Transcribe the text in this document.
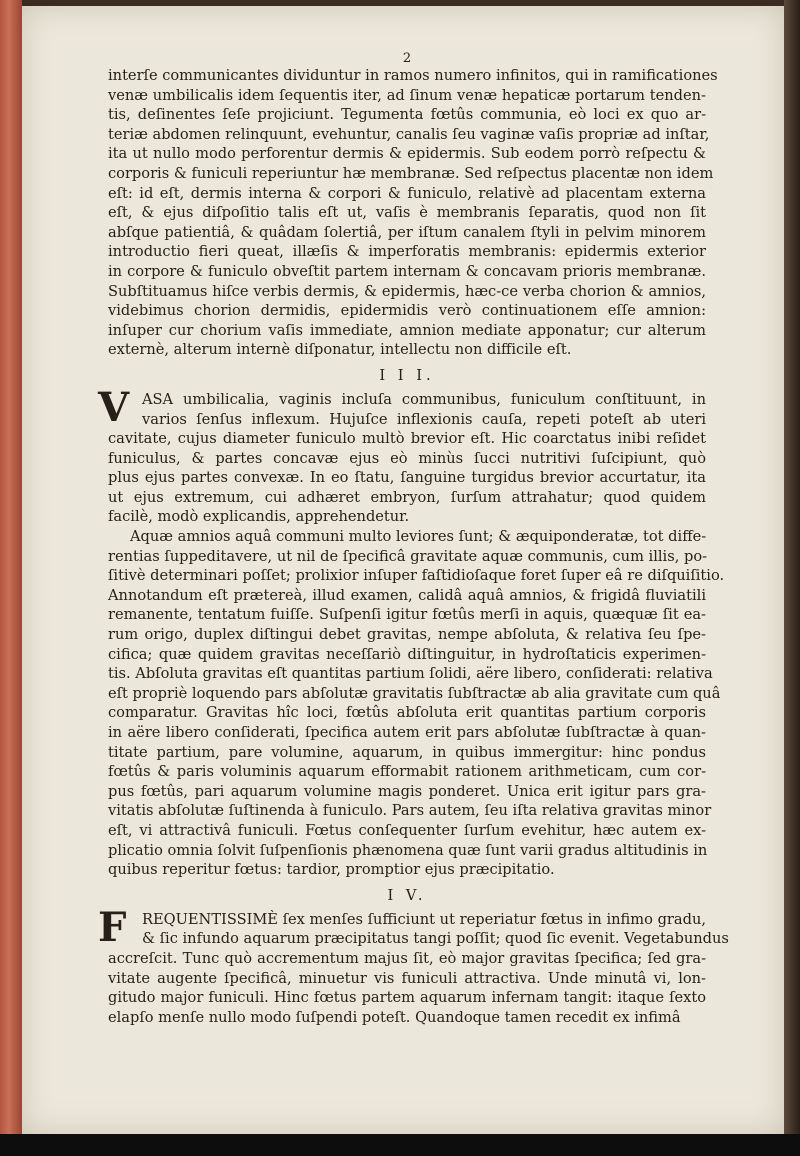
2
interſe communicantes dividuntur in ramos numero infinitos, qui in ramificationes
venæ umbilicalis idem ſequentis iter, ad ſinum venæ hepaticæ portarum tenden-
tis, deſinentes ſeſe projiciunt. Tegumenta fœtûs communia, eò loci ex quo ar-
teriæ abdomen relinquunt, evehuntur, canalis ſeu vaginæ vaſis propriæ ad inſtar,
ita ut nullo modo perforentur dermis & epidermis. Sub eodem porrò reſpectu &
corporis & funiculi reperiuntur hæ membranæ. Sed reſpectus placentæ non idem
eſt: id eſt, dermis interna & corpori & funiculo, relativè ad placentam externa
eſt, & ejus diſpoſitio talis eſt ut, vaſis è membranis ſeparatis, quod non ſit
abſque patientiâ, & quâdam ſolertiâ, per iſtum canalem ſtyli in pelvim minorem
introductio fieri queat, illæſis & imperforatis membranis: epidermis exterior
in corpore & funiculo obveſtit partem internam & concavam prioris membranæ.
Subſtituamus hiſce verbis dermis, & epidermis, hæc-ce verba chorion & amnios,
videbimus chorion dermidis, epidermidis verò continuationem eſſe amnion:
inſuper cur chorium vaſis immediate, amnion mediate apponatur; cur alterum
externè, alterum internè diſponatur, intellectu non difficile eſt.
I I I.
V ASA umbilicalia, vaginis incluſa communibus, funiculum conſtituunt, in
varios ſenſus inflexum. Hujuſce inflexionis cauſa, repeti poteſt ab uteri
cavitate, cujus diameter funiculo multò brevior eſt. Hic coarctatus inibi reſidet
funiculus, & partes concavæ ejus eò minùs ſucci nutritivi ſuſcipiunt, quò
plus ejus partes convexæ. In eo ſtatu, ſanguine turgidus brevior accurtatur, ita
ut ejus extremum, cui adhæret embryon, ſurſum attrahatur; quod quidem
facilè, modò explicandis, apprehendetur.
Aquæ amnios aquâ communi multo leviores ſunt; & æquiponderatæ, tot diffe-
rentias ſuppeditavere, ut nil de ſpecificâ gravitate aquæ communis, cum illis, po-
ſitivè determinari poſſet; prolixior inſuper faſtidioſaque foret ſuper eâ re diſquiſitio.
Annotandum eſt prætereà, illud examen, calidâ aquâ amnios, & frigidâ fluviatili
remanente, tentatum fuiſſe. Suſpenſi igitur fœtûs merſi in aquis, quæquæ ſit ea-
rum origo, duplex diſtingui debet gravitas, nempe abſoluta, & relativa ſeu ſpe-
cifica; quæ quidem gravitas neceſſariò diſtinguitur, in hydroſtaticis experimen-
tis. Abſoluta gravitas eſt quantitas partium ſolidi, aëre libero, conſiderati: relativa
eſt propriè loquendo pars abſolutæ gravitatis ſubſtractæ ab alia gravitate cum quâ
comparatur. Gravitas hîc loci, fœtûs abſoluta erit quantitas partium corporis
in aëre libero conſiderati, ſpecifica autem erit pars abſolutæ ſubſtractæ à quan-
titate partium, pare volumine, aquarum, in quibus immergitur: hinc pondus
fœtûs & paris voluminis aquarum efformabit rationem arithmeticam, cum cor-
pus fœtûs, pari aquarum volumine magis ponderet. Unica erit igitur pars gra-
vitatis abſolutæ ſuſtinenda à funiculo. Pars autem, ſeu iſta relativa gravitas minor
eſt, vi attractivâ funiculi. Fœtus conſequenter ſurſum evehitur, hæc autem ex-
plicatio omnia ſolvit ſuſpenſionis phænomena quæ ſunt varii gradus altitudinis in
quibus reperitur fœtus: tardior, promptior ejus præcipitatio.
I V.
F	REQUENTISSIMÈ ſex menſes ſufficiunt ut reperiatur fœtus in infimo gradu,
& ſic infundo aquarum præcipitatus tangi poſſit; quod ſic evenit. Vegetabundus
accreſcit. Tunc quò accrementum majus ſit, eò major gravitas ſpecifica; ſed gra-
vitate augente ſpecificâ, minuetur vis funiculi attractiva. Unde minutâ vi, lon-
gitudo major funiculi. Hinc fœtus partem aquarum infernam tangit: itaque ſexto
elapſo menſe nullo modo ſuſpendi poteſt. Quandoque tamen recedit ex infimâ
